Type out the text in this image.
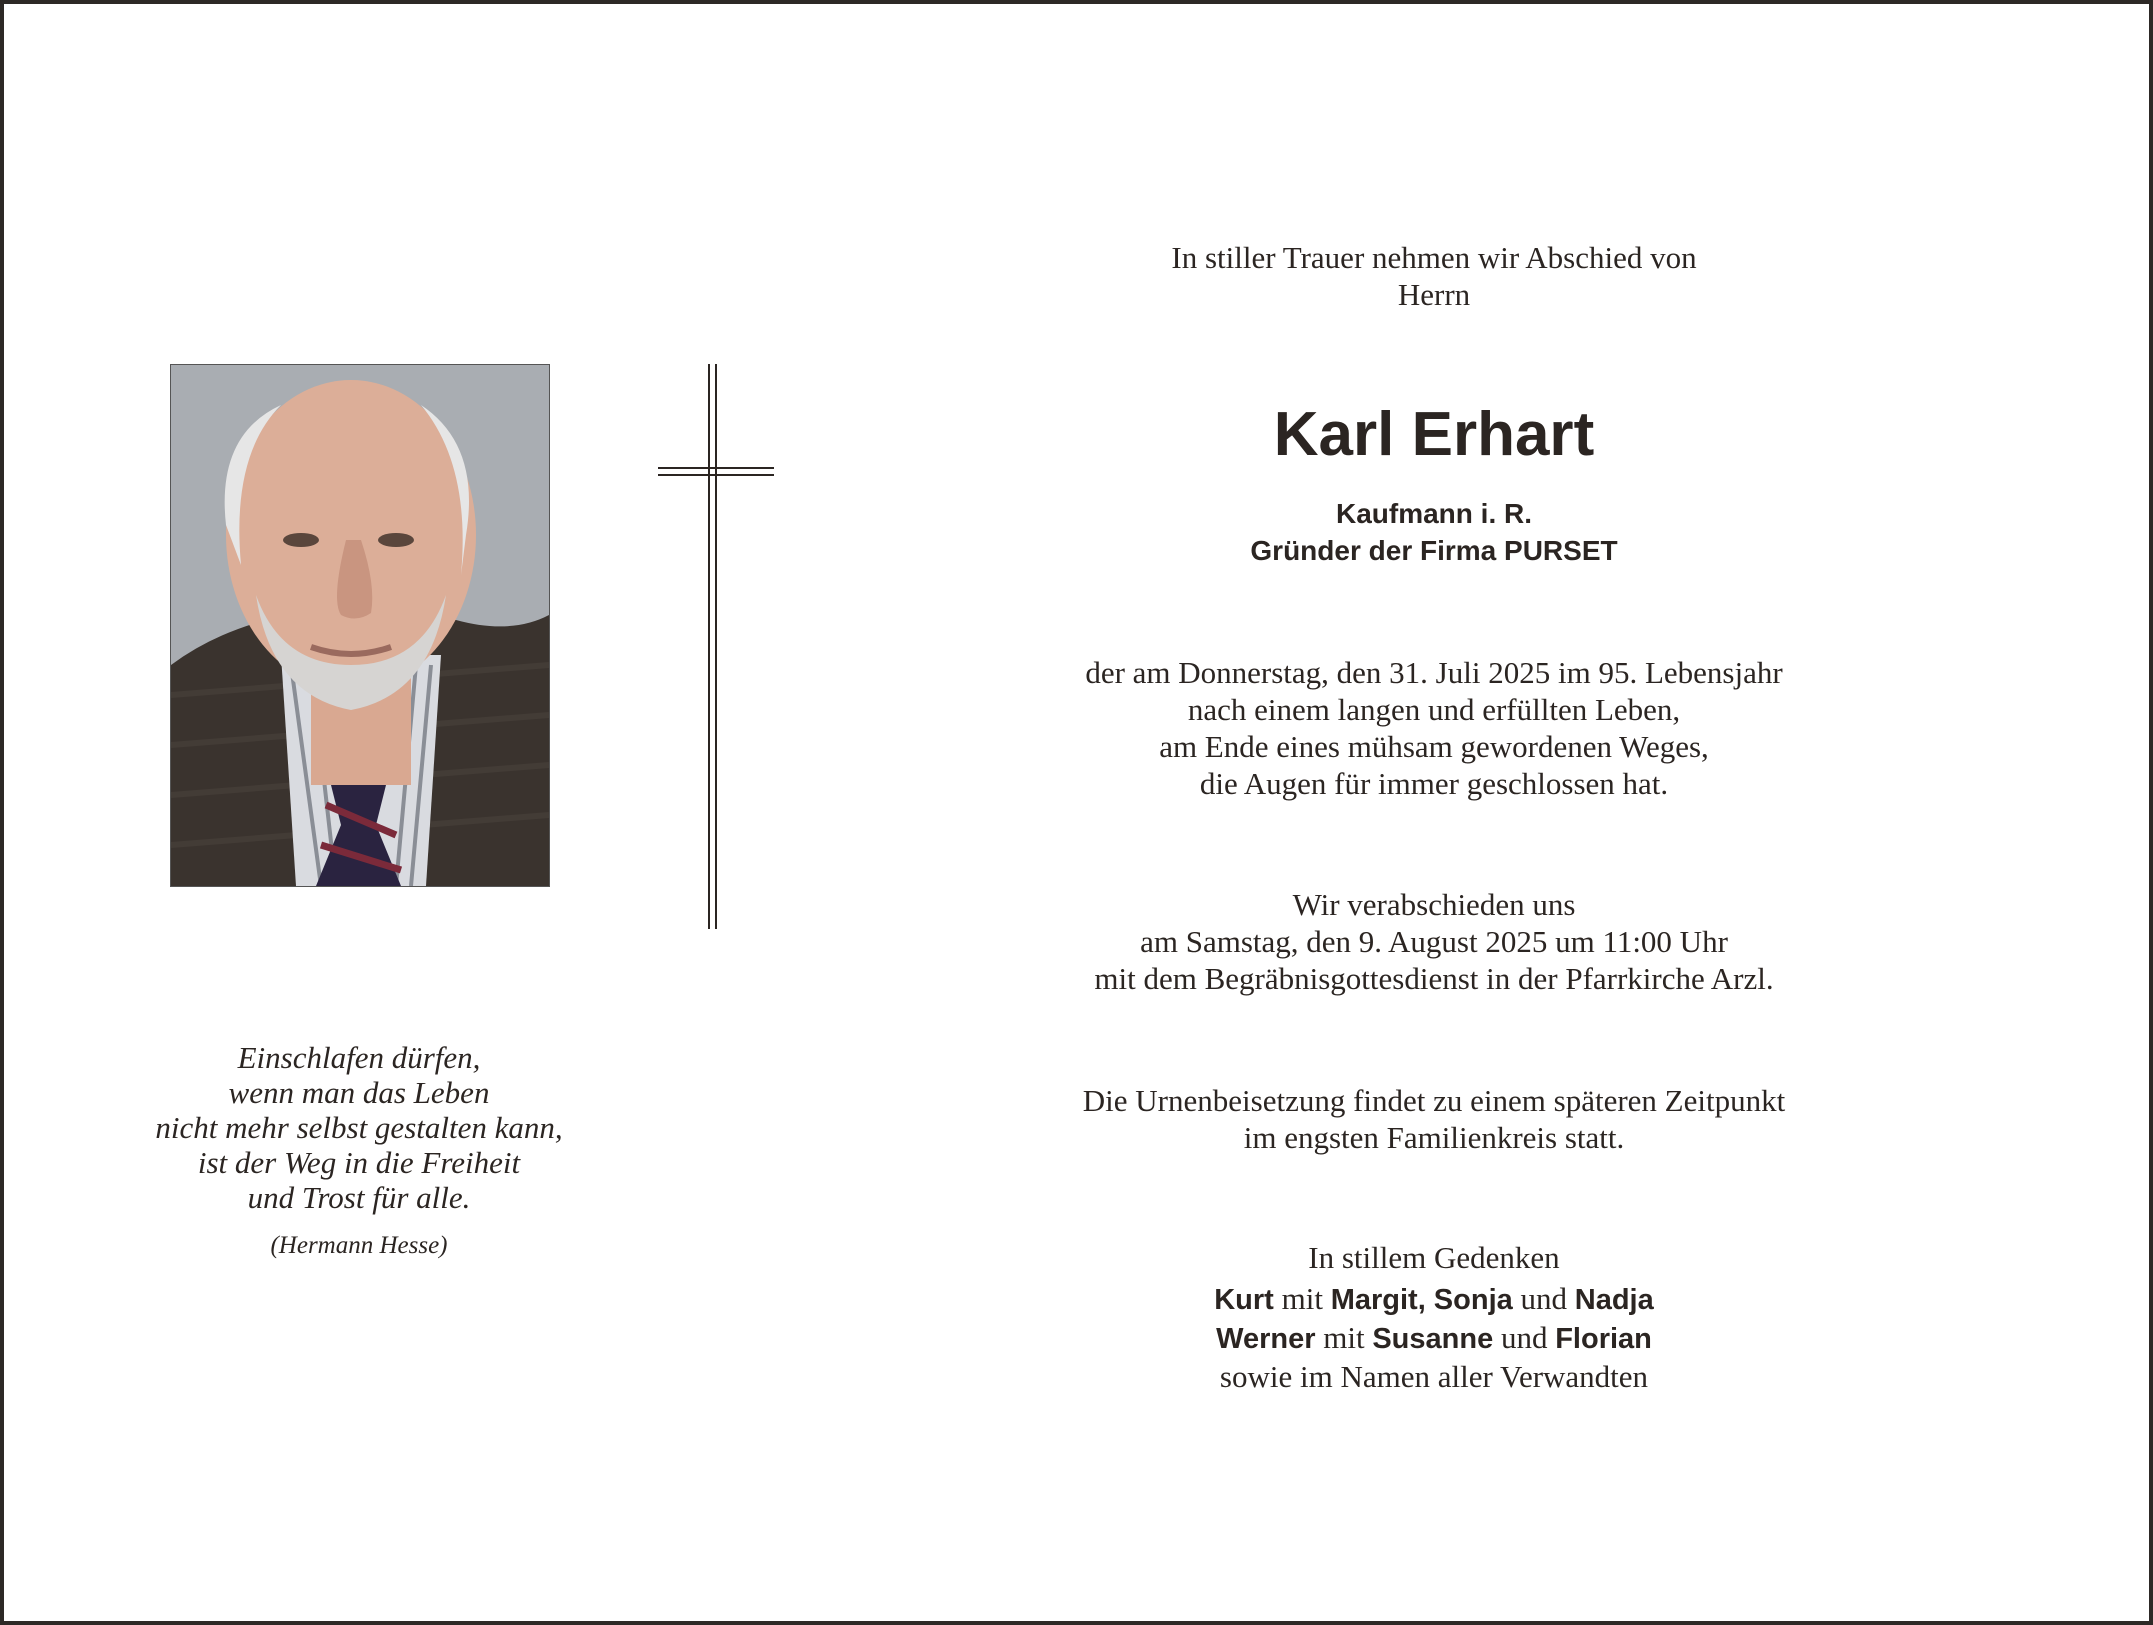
Einschlafen dürfen,
wenn man das Leben
nicht mehr selbst gestalten kann,
ist der Weg in die Freiheit
und Trost für alle.
(Hermann Hesse)
In stiller Trauer nehmen wir Abschied von
Herrn
Karl Erhart
Kaufmann i. R.
Gründer der Firma PURSET
der am Donnerstag, den 31. Juli 2025 im 95. Lebensjahr
nach einem langen und erfüllten Leben,
am Ende eines mühsam gewordenen Weges,
die Augen für immer geschlossen hat.
Wir verabschieden uns
am Samstag, den 9. August 2025 um 11:00 Uhr
mit dem Begräbnisgottesdienst in der Pfarrkirche Arzl.
Die Urnenbeisetzung findet zu einem späteren Zeitpunkt
im engsten Familienkreis statt.
In stillem Gedenken
Kurt mit Margit, Sonja und Nadja
Werner mit Susanne und Florian
sowie im Namen aller Verwandten
